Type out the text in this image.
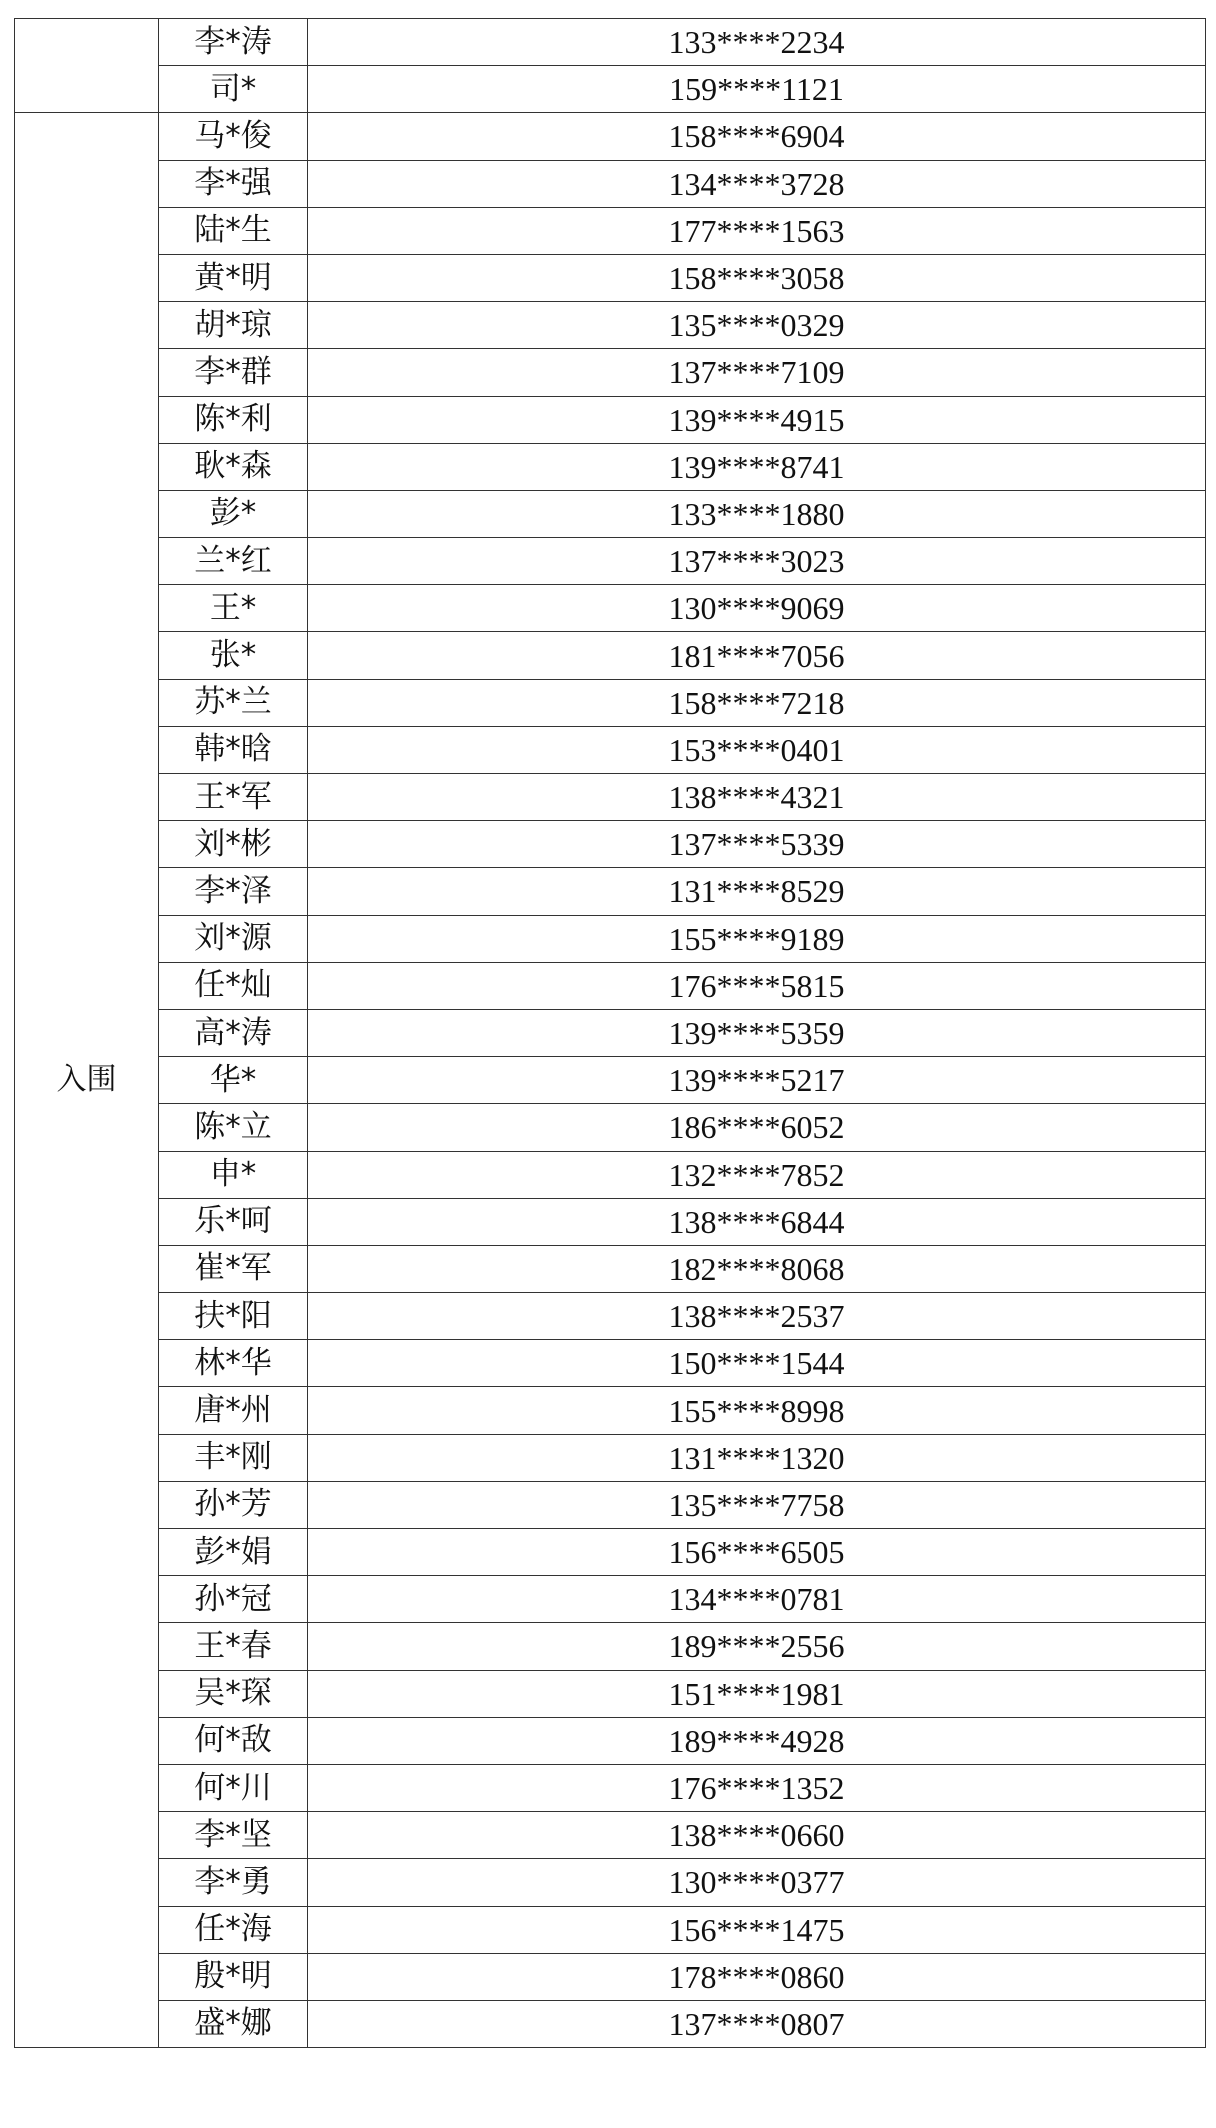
	李*涛	133****2234
	司*	159****1121
入围	马*俊	158****6904
	李*强	134****3728
	陆*生	177****1563
	黄*明	158****3058
	胡*琼	135****0329
	李*群	137****7109
	陈*利	139****4915
	耿*森	139****8741
	彭*	133****1880
	兰*红	137****3023
	王*	130****9069
	张*	181****7056
	苏*兰	158****7218
	韩*晗	153****0401
	王*军	138****4321
	刘*彬	137****5339
	李*泽	131****8529
	刘*源	155****9189
	任*灿	176****5815
	高*涛	139****5359
	华*	139****5217
	陈*立	186****6052
	申*	132****7852
	乐*呵	138****6844
	崔*军	182****8068
	扶*阳	138****2537
	林*华	150****1544
	唐*州	155****8998
	丰*刚	131****1320
	孙*芳	135****7758
	彭*娟	156****6505
	孙*冠	134****0781
	王*春	189****2556
	吴*琛	151****1981
	何*敌	189****4928
	何*川	176****1352
	李*坚	138****0660
	李*勇	130****0377
	任*海	156****1475
	殷*明	178****0860
	盛*娜	137****0807
